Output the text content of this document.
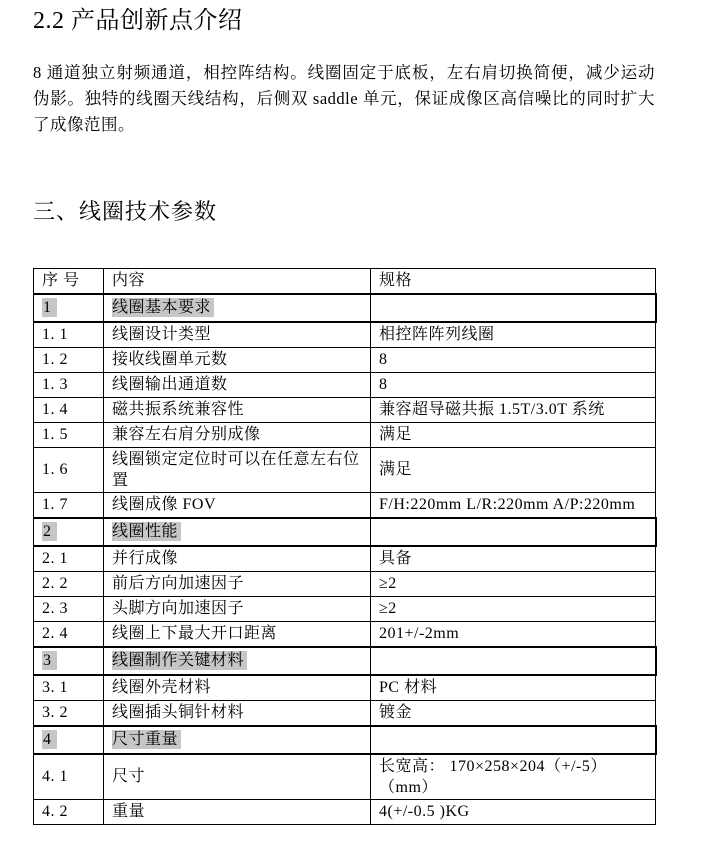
2.2 产品创新点介绍

8 通道独立射频通道，相控阵结构。线圈固定于底板，左右肩切换简便，减少运动伪影。独特的线圈天线结构，后侧双 saddle 单元，保证成像区高信噪比的同时扩大了成像范围。

三、线圈技术参数
序 号	内容	规格
1	线圈基本要求	
1. 1	线圈设计类型	相控阵阵列线圈
1. 2	接收线圈单元数	8
1. 3	线圈输出通道数	8
1. 4	磁共振系统兼容性	兼容超导磁共振 1.5T/3.0T 系统
1. 5	兼容左右肩分别成像	满足
1. 6	线圈锁定定位时可以在任意左右位置	满足
1. 7	线圈成像 FOV	F/H:220mm L/R:220mm A/P:220mm
2	线圈性能	
2. 1	并行成像	具备
2. 2	前后方向加速因子	≥2
2. 3	头脚方向加速因子	≥2
2. 4	线圈上下最大开口距离	201+/-2mm
3	线圈制作关键材料	
3. 1	线圈外壳材料	PC 材料
3. 2	线圈插头铜针材料	镀金
4	尺寸重量	
4. 1	尺寸	长宽高： 170×258×204（+/-5）（mm）
4. 2	重量	4(+/-0.5 )KG
